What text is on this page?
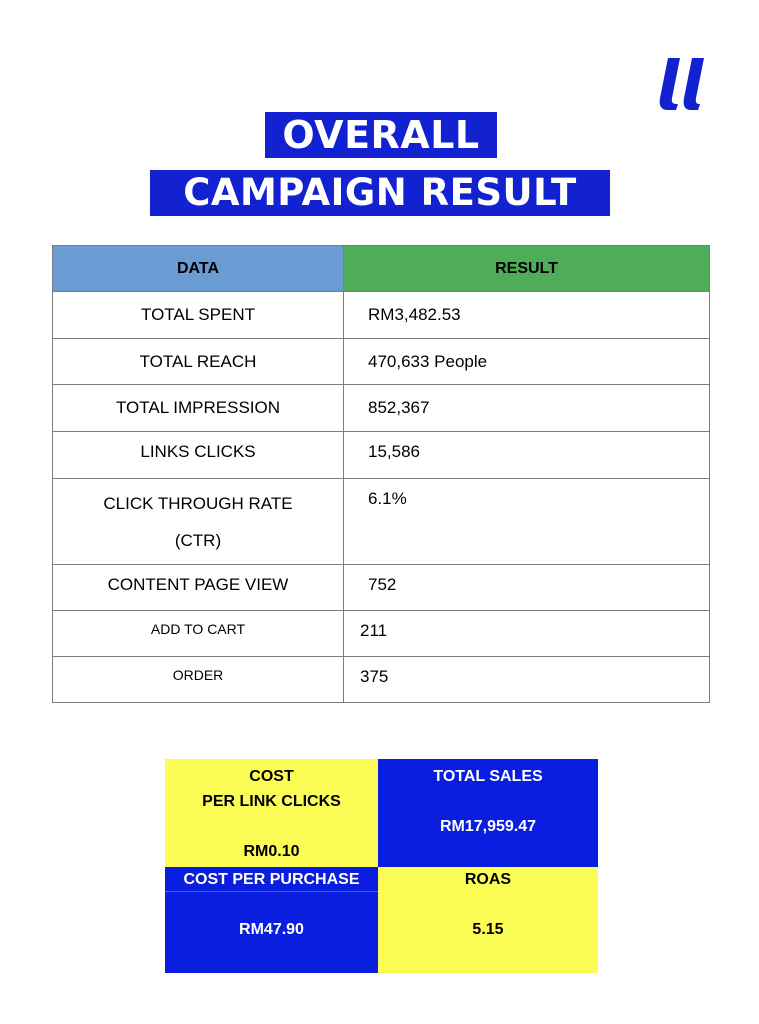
OVERALL
CAMPAIGN RESULT
DATA	RESULT
TOTAL SPENT	RM3,482.53
TOTAL REACH	470,633 People
TOTAL IMPRESSION	852,367
LINKS CLICKS	15,586

CLICK THROUGH RATE
(CTR)	6.1%
CONTENT PAGE VIEW	752
ADD TO CART	211
ORDER	375
COST
PER LINK CLICKS
RM0.10
TOTAL SALES
RM17,959.47
COST PER PURCHASE
RM47.90
ROAS
5.15
